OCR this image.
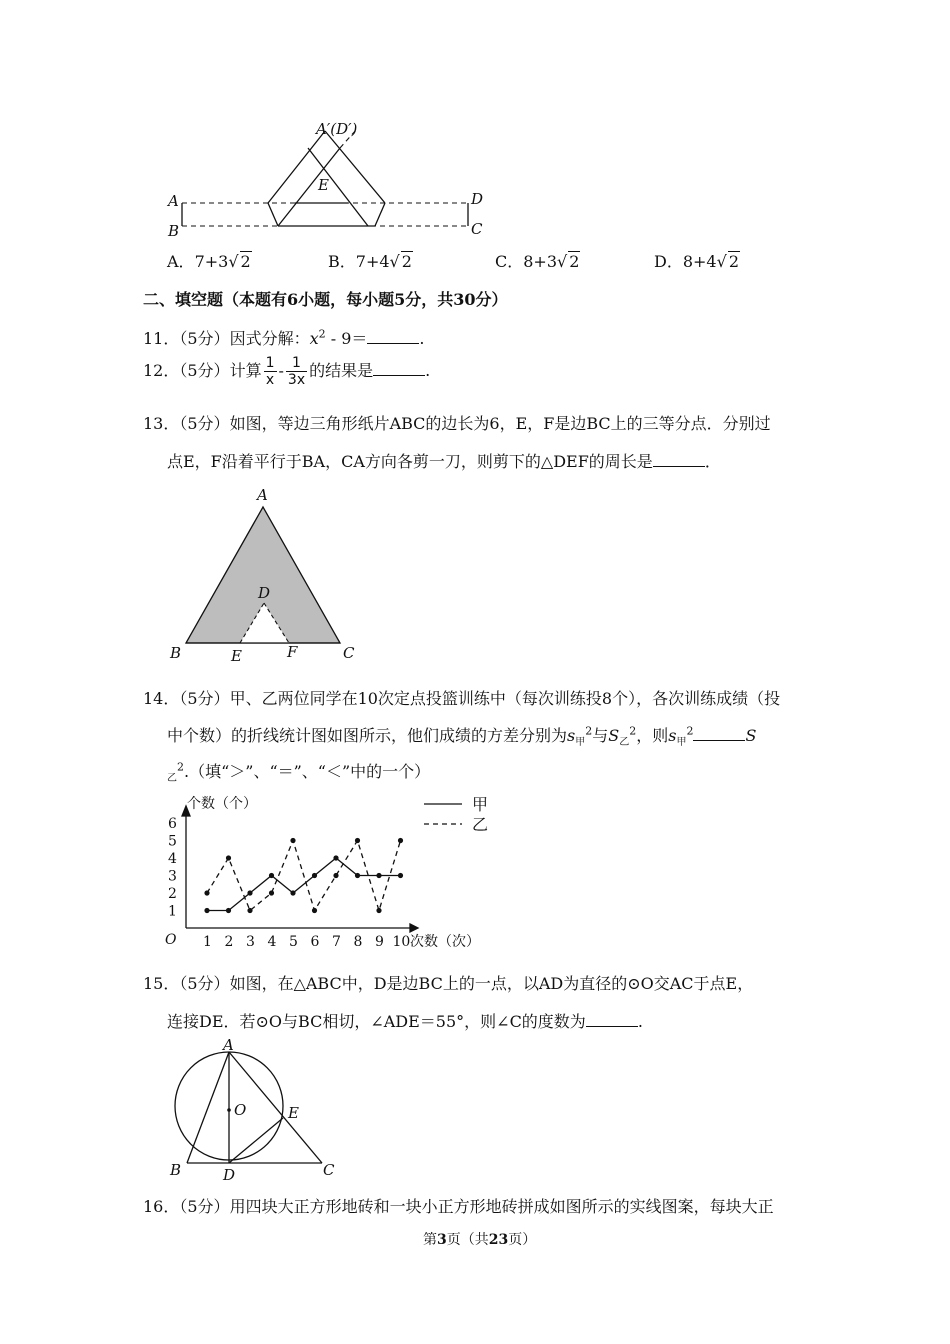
A′(D′)
E
A
B
D
C
A．7+3√ 2	B．7+4√ 2	C．8+3√ 2	D．8+4√ 2
二、填空题（本题有6小题，每小题5分，共30分）
11．（5分）因式分解：$x^2 - 9=$	.
12．（5分）计算 $\frac{1}{x} - \frac{1}{3x}$ 的结果是	.
13．（5分）如图，等边三角形纸片ABC的边长为6，E，F是边BC上的三等分点．分别过
点E，F沿着平行于BA，CA方向各剪一刀，则剪下的△DEF的周长是	．
A
D
B	E	F	C
14．（5分）甲、乙两位同学在10次定点投篮训练中（每次训练投8个），各次训练成绩（投
中个数）的折线统计图如图所示，他们成绩的方差分别为$s_甲^2$与$S_乙^2$，则$s_甲^2$	S
$_乙^2$.（填“＞”、“＝”、“＜”中的一个）
1
2
3
4
5
6
1 2 3 4 5 6 7 8 9 10
个数（个）
次数（次）
O
甲
乙
15．（5分）如图，在△ABC中，D是边BC上的一点，以AD为直径的⊙O交AC于点E，
连接DE．若⊙O与BC相切，∠ADE＝55°，则∠C的度数为	.
A
O	E
B	D	C
16．（5分）用四块大正方形地砖和一块小正方形地砖拼成如图所示的实线图案，每块大正
第3页（共23页）
